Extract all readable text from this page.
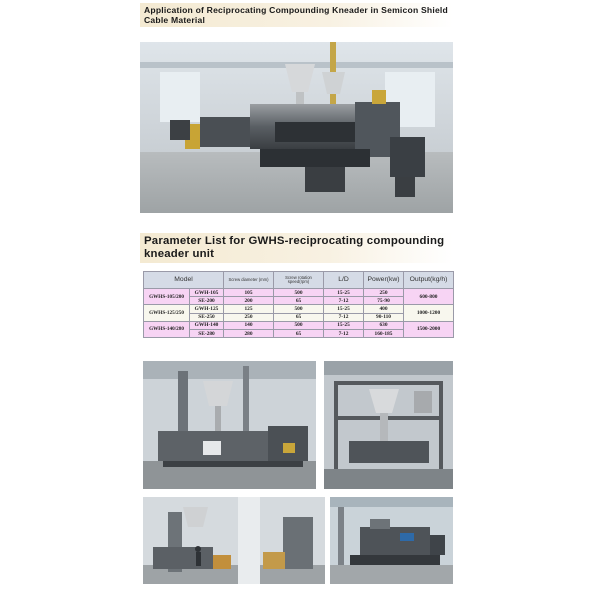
Application of Reciprocating Compounding Kneader in Semicon Shield Cable Material
Parameter List for GWHS-reciprocating compounding kneader unit
Model		Screw diameter (mm)	Screw rotation speed(rpm)	L/D	Power(kw)	Output(kg/h)
GWHS-105/200	GWH-105	105	500	15-25	250	600-800
	SE-200	200	65	7-12	75-90	
GWHS-125/250	GWH-125	125	500	15-25	400	1000-1200
	SE-250	250	65	7-12	90-110	
GWHS-140/280	GWH-140	140	500	15-25	630	1500-2000
	SE-280	280	65	7-12	160-185	
